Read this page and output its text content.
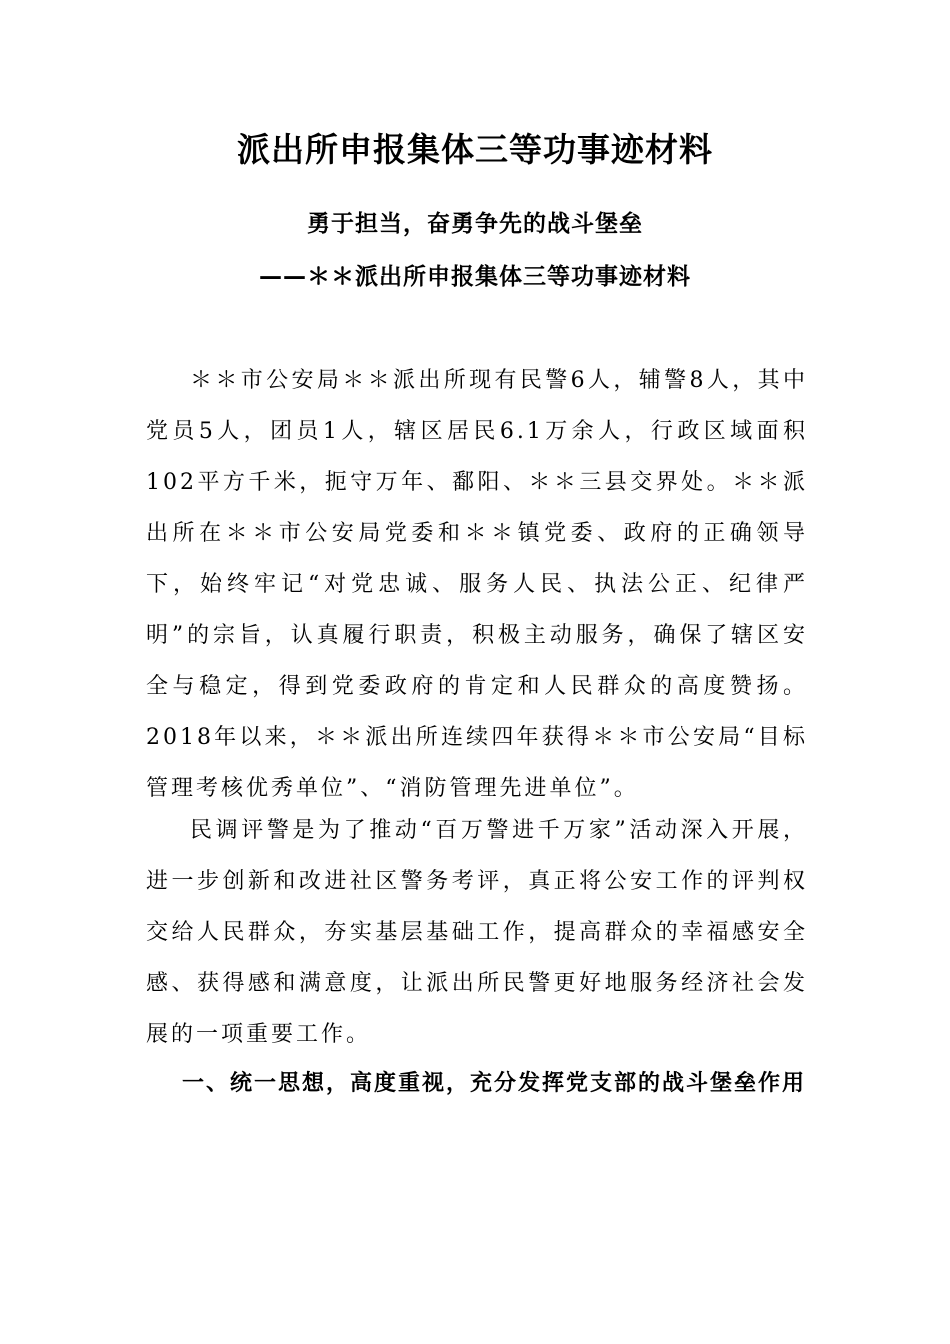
派出所申报集体三等功事迹材料
勇于担当，奋勇争先的战斗堡垒
——＊＊派出所申报集体三等功事迹材料

＊＊市公安局＊＊派出所现有民警6人，辅警8人，其中党员5人，团员1人，辖区居民6.1万余人，行政区域面积102平方千米，扼守万年、鄱阳、＊＊三县交界处。＊＊派出所在＊＊市公安局党委和＊＊镇党委、政府的正确领导下，始终牢记“对党忠诚、服务人民、执法公正、纪律严明”的宗旨，认真履行职责，积极主动服务，确保了辖区安全与稳定，得到党委政府的肯定和人民群众的高度赞扬。2018年以来，＊＊派出所连续四年获得＊＊市公安局“目标管理考核优秀单位”、“消防管理先进单位”。

民调评警是为了推动“百万警进千万家”活动深入开展，进一步创新和改进社区警务考评，真正将公安工作的评判权交给人民群众，夯实基层基础工作，提高群众的幸福感安全感、获得感和满意度，让派出所民警更好地服务经济社会发展的一项重要工作。

一、统一思想，高度重视，充分发挥党支部的战斗堡垒作用
